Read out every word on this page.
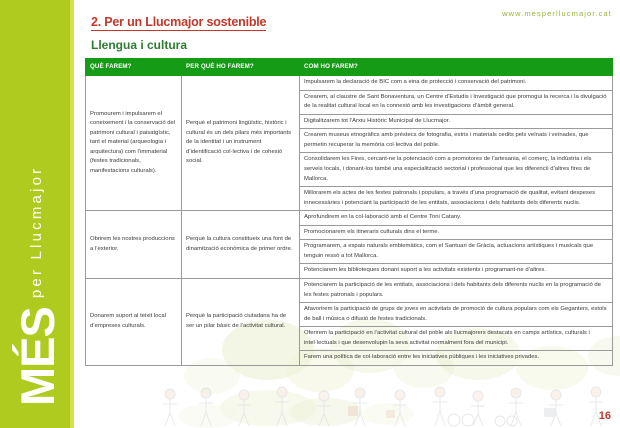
MÉS
per Llucmajor
www.mesperllucmajor.cat
2. Per un Llucmajor sostenible
Llengua i cultura
QUÈ FAREM?	PER QUÈ HO FAREM?	COM HO FAREM?
Promourem i impulsarem el coneixement i la conservació del patrimoni cultural i paisatgístic, tant el material (arqueologia i arquitectura) com l’immaterial (festes tradicionals, manifestacions culturals).	Perquè el patrimoni lingüístic, històric i cultural és un dels pilars més importants de la identitat i un instrument d’identificació col·lectiva i de cohesió social.	Impulsarem la declaració de BIC com a eina de protecció i conservació del patrimoni.
		Crearem, al claustre de Sant Bonaventura, un Centre d’Estudis i Investigació que promogui la recerca i la divulgació de la realitat cultural local en la connexió amb les investigacions d’àmbit general.
		Digitalitzarem tot l’Arxiu Històric Municipal de Llucmajor.
		Crearem museus etnogràfics amb préstecs de fotografia, estris i materials cedits pels veïnats i veïnades, que permetin recuperar la memòria col·lectiva del poble.
		Consolidarem les Fires, cercant-ne la potenciació com a promotores de l’artesania, el comerç, la indústria i els serveis locals, i donant-los també una especialització sectorial i professional que les diferencïi d’altres fires de Mallorca.
		Millorarem els actes de les festes patronals i populars, a través d’una programació de qualitat, evitant despeses innecessàries i potenciant la participació de les entitats, associacions i dels habitants dels diferents nuclis.
Obrirem les nostres produccions a l’exterior.	Perquè la cultura constitueix una font de dinamització econòmica de primer ordre.	Aprofundirem en la col·laboració amb el Centre Toni Catany.
		Promocionarem els itineraris culturals dins el terme.
		Programarem, a espais naturals emblemàtics, com el Santuari de Gràcia, actuacions artístiques i musicals que tenguin ressò a tot Mallorca.
		Potenciarem les biblioteques donant suport a les activitats existents i programant-ne d’altres.
Donarem suport al teixit local d’empreses culturals.	Perquè la participació ciutadana ha de ser un pilar bàsic de l’activitat cultural.	Potenciarem la participació de les entitats, associacions i dels habitants dels diferents nuclis en la programació de les festes patronals i populars.
		Afavorirem la participació de grups de joves en activitats de promoció de cultura populars com els Geganters, estols de ball i música o difusió de festes tradicionals.
		Oferirem la participació en l’activitat cultural del poble als llucmajorers destacats en camps artístics, culturals i intel·lectuals i que desenvolupin la seva activitat normalment fora del municipi.
		Farem una política de col·laboració entre les iniciatives públiques i les iniciatives privades.
16
